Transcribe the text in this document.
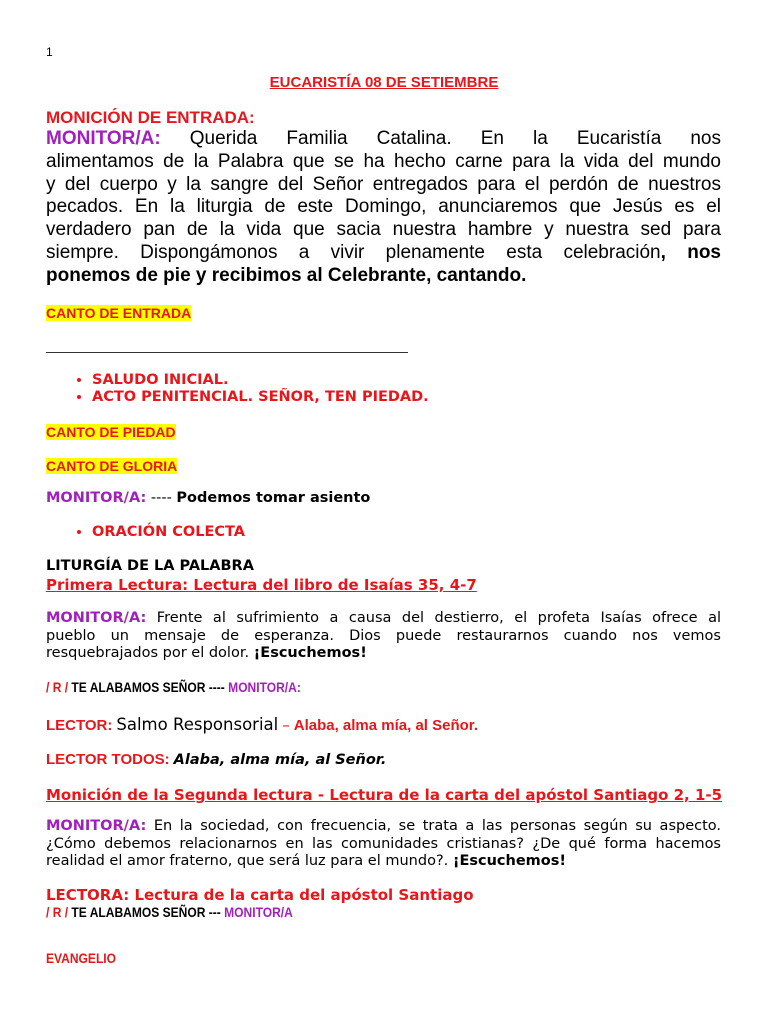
1
EUCARISTÍA 08 DE SETIEMBRE
MONICIÓN DE ENTRADA:
MONITOR/A: Querida Familia Catalina. En la Eucaristía nos
alimentamos de la Palabra que se ha hecho carne para la vida del mundo
y del cuerpo y la sangre del Señor entregados para el perdón de nuestros
pecados. En la liturgia de este Domingo, anunciaremos que Jesús es el
verdadero pan de la vida que sacia nuestra hambre y nuestra sed para
siempre. Dispongámonos a vivir plenamente esta celebración, nos
ponemos de pie y recibimos al Celebrante, cantando.
CANTO DE ENTRADA
• SALUDO INICIAL.
• ACTO PENITENCIAL. SEÑOR, TEN PIEDAD.
CANTO DE PIEDAD
CANTO DE GLORIA
MONITOR/A: ---- Podemos tomar asiento
• ORACIÓN COLECTA
LITURGÍA DE LA PALABRA
Primera Lectura: Lectura del libro de Isaías 35, 4-7
MONITOR/A: Frente al sufrimiento a causa del destierro, el profeta Isaías ofrece al
pueblo un mensaje de esperanza. Dios puede restaurarnos cuando nos vemos
resquebrajados por el dolor. ¡Escuchemos!
/ R / TE ALABAMOS SEÑOR ---- MONITOR/A:
LECTOR: Salmo Responsorial – Alaba, alma mía, al Señor.
LECTOR TODOS: Alaba, alma mía, al Señor.
Monición de la Segunda lectura - Lectura de la carta del apóstol Santiago 2, 1-5
MONITOR/A: En la sociedad, con frecuencia, se trata a las personas según su aspecto.
¿Cómo debemos relacionarnos en las comunidades cristianas? ¿De qué forma hacemos
realidad el amor fraterno, que será luz para el mundo?. ¡Escuchemos!
LECTORA: Lectura de la carta del apóstol Santiago
/ R / TE ALABAMOS SEÑOR --- MONITOR/A
EVANGELIO
